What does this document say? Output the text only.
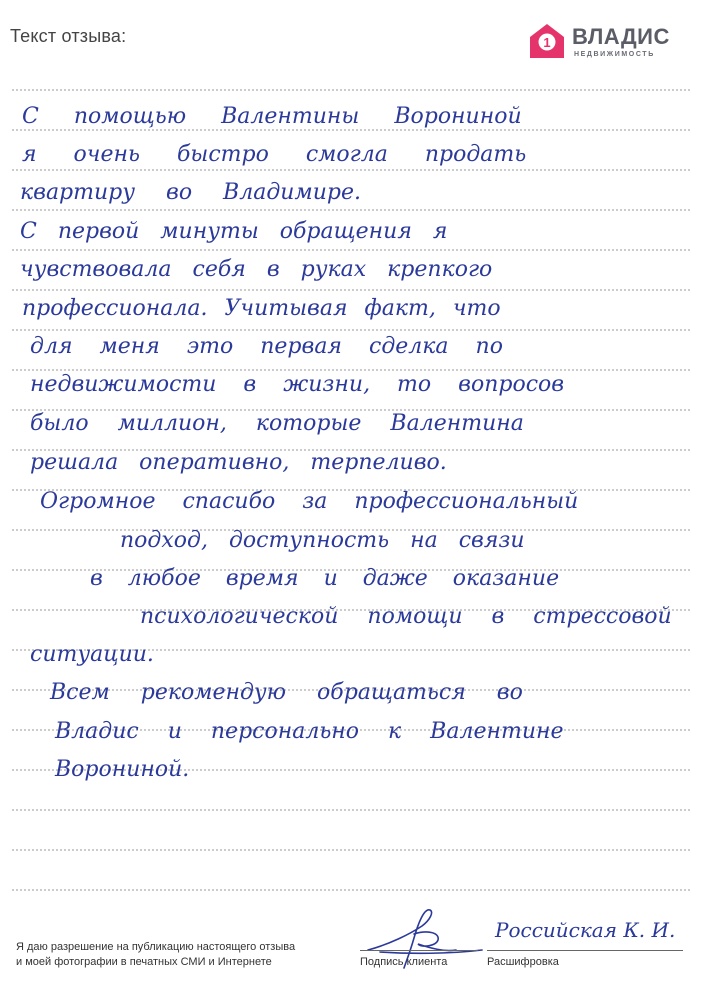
Текст отзыва:	1 ВЛАДИС
НЕДВИЖИМОСТЬ
С помощью Валентины Ворониной
я очень быстро смогла продать
квартиру во Владимире.
С первой минуты обращения я
чувствовала себя в руках крепкого
профессионала. Учитывая факт, что
для меня это первая сделка по
недвижимости в жизни, то вопросов
было миллион, которые Валентина
решала оперативно, терпеливо.
Огромное спасибо за профессиональный
подход, доступность на связи
в любое время и даже оказание
психологической помощи в стрессовой
ситуации.
Всем рекомендую обращаться во
Владис и персонально к Валентине
Ворониной.
Я даю разрешение на публикацию настоящего отзыва
и моей фотографии в печатных СМИ и Интернете	Подпись клиента
Российская К. И.
Расшифровка
